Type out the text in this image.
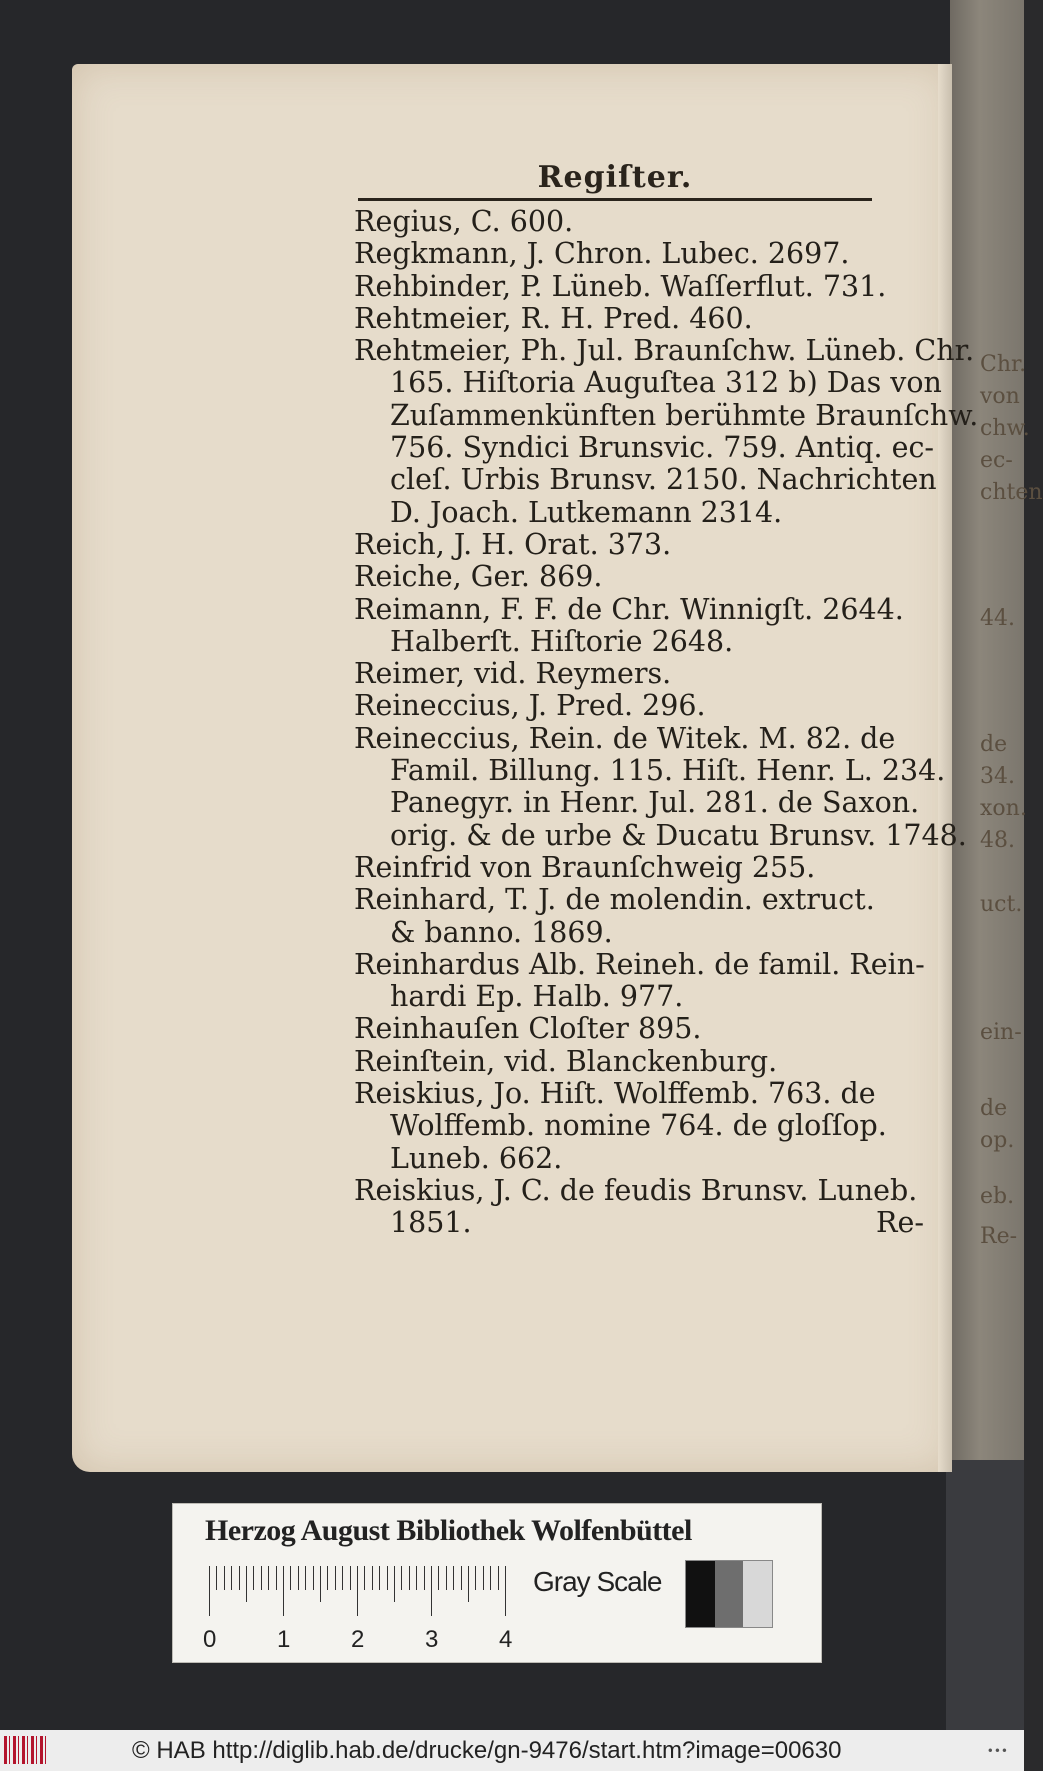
Regiſter.
Regius, C. 600.
Regkmann, J. Chron. Lubec. 2697.
Rehbinder, P. Lüneb. Waſſerflut. 731.
Rehtmeier, R. H. Pred. 460.
Rehtmeier, Ph. Jul. Braunſchw. Lüneb. Chr.
165. Hiſtoria Auguſtea 312 b) Das von
Zuſammenkünften berühmte Braunſchw.
756. Syndici Brunsvic. 759. Antiq. ec-
cleſ. Urbis Brunsv. 2150. Nachrichten
D. Joach. Lutkemann 2314.
Reich, J. H. Orat. 373.
Reiche, Ger. 869.
Reimann, F. F. de Chr. Winnigſt. 2644.
Halberſt. Hiſtorie 2648.
Reimer, vid. Reymers.
Reineccius, J. Pred. 296.
Reineccius, Rein. de Witek. M. 82. de
Famil. Billung. 115. Hiſt. Henr. L. 234.
Panegyr. in Henr. Jul. 281. de Saxon.
orig. & de urbe & Ducatu Brunsv. 1748.
Reinfrid von Braunſchweig 255.
Reinhard, T. J. de molendin. extruct.
& banno. 1869.
Reinhardus Alb. Reineh. de famil. Rein-
hardi Ep. Halb. 977.
Reinhauſen Cloſter 895.
Reinſtein, vid. Blanckenburg.
Reiskius, Jo. Hiſt. Wolffemb. 763. de
Wolffemb. nomine 764. de gloſſop.
Luneb. 662.
Reiskius, J. C. de feudis Brunsv. Luneb.
1851.	Re-
Chr.
von
chw.
ec-
chten
44.
de
34.
xon.
48.
uct.
ein-
de
op.
eb.
Re-
Herzog August Bibliothek Wolfenbüttel
0	1	2	3	4
Gray Scale
© HAB http://diglib.hab.de/drucke/gn-9476/start.htm?image=00630	•••
